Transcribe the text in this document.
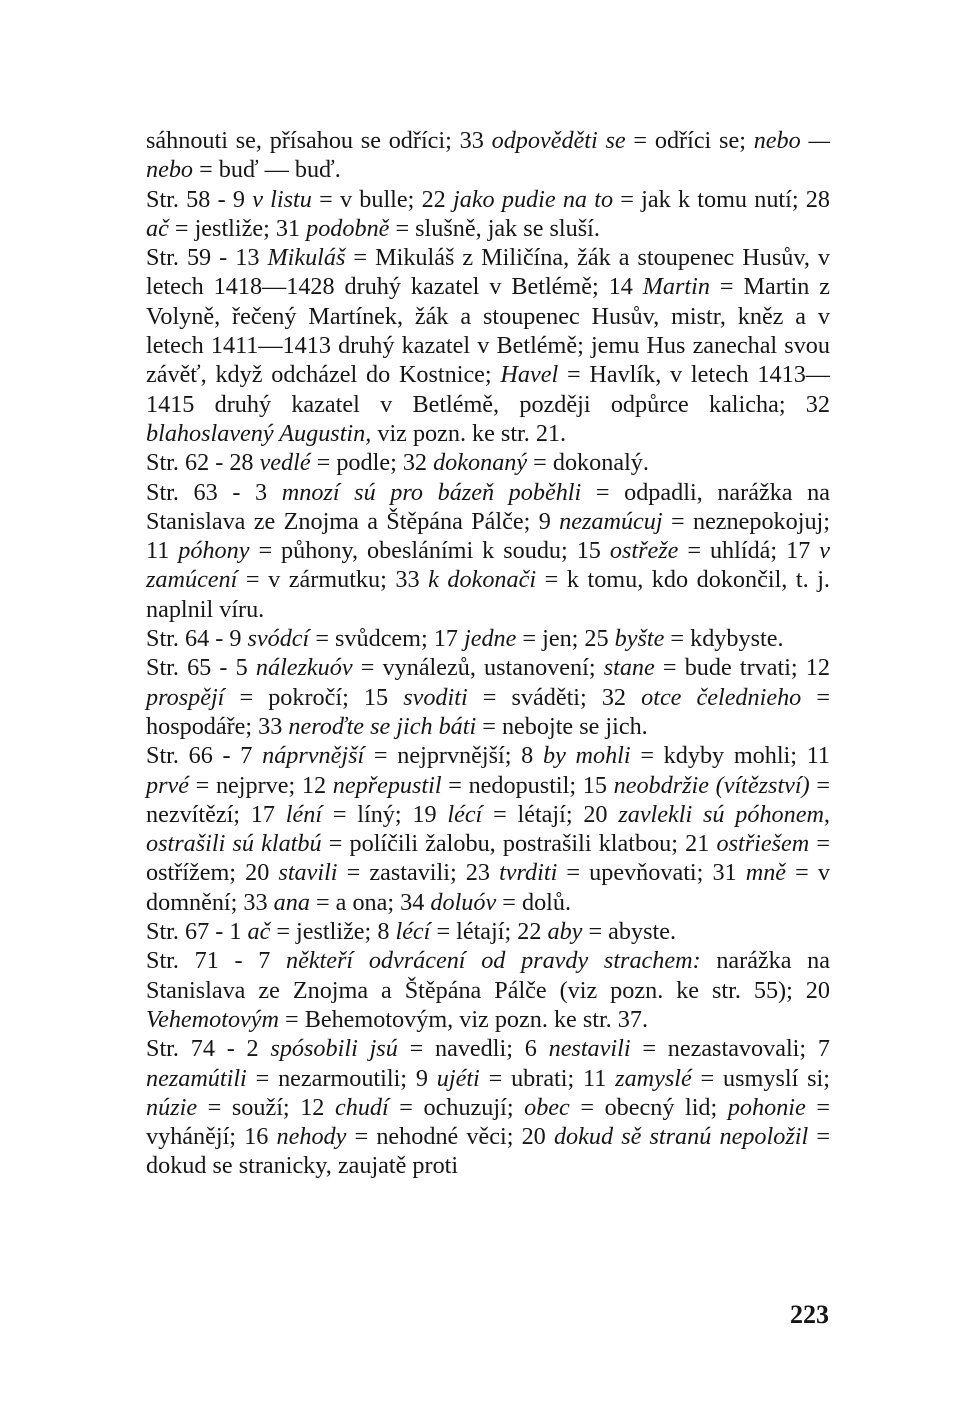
sáhnouti se, přísahou se odříci; 33 odpověděti se = odříci se; nebo — nebo = buď — buď.

Str. 58 - 9 v listu = v bulle; 22 jako pudie na to = jak k tomu nutí; 28 ač = jestliže; 31 podobně = slušně, jak se sluší.

Str. 59 - 13 Mikuláš = Mikuláš z Miličína, žák a stoupenec Husův, v letech 1418—1428 druhý kazatel v Betlémě; 14 Martin = Martin z Volyně, řečený Martínek, žák a stoupenec Husův, mistr, kněz a v letech 1411—1413 druhý kazatel v Betlémě; jemu Hus zanechal svou závěť, když odcházel do Kostnice; Havel = Havlík, v letech 1413—1415 druhý kazatel v Betlémě, později odpůrce kalicha; 32 blahoslavený Augustin, viz pozn. ke str. 21.

Str. 62 - 28 vedlé = podle; 32 dokonaný = dokonalý.

Str. 63 - 3 mnozí sú pro bázeň poběhli = odpadli, narážka na Stanislava ze Znojma a Štěpána Pálče; 9 nezamúcuj = neznepokojuj; 11 póhony = půhony, obesláními k soudu; 15 ostřeže = uhlídá; 17 v zamúcení = v zármutku; 33 k dokonači = k tomu, kdo dokončil, t. j. naplnil víru.

Str. 64 - 9 svódcí = svůdcem; 17 jedne = jen; 25 byšte = kdybyste.

Str. 65 - 5 nálezkuóv = vynálezů, ustanovení; stane = bude trvati; 12 prospějí = pokročí; 15 svoditi = sváděti; 32 otce čelednieho = hospodáře; 33 neroďte se jich báti = nebojte se jich.

Str. 66 - 7 náprvnější = nejprvnější; 8 by mohli = kdyby mohli; 11 prvé = nejprve; 12 nepřepustil = nedopustil; 15 neobdržie (vítězství) = nezvítězí; 17 léní = líný; 19 lécí = létají; 20 zavlekli sú póhonem, ostrašili sú klatbú = políčili žalobu, postrašili klatbou; 21 ostřiešem = ostřížem; 20 stavili = zastavili; 23 tvrditi = upevňovati; 31 mně = v domnění; 33 ana = a ona; 34 doluóv = dolů.

Str. 67 - 1 ač = jestliže; 8 lécí = létají; 22 aby = abyste.

Str. 71 - 7 někteří odvrácení od pravdy strachem: narážka na Stanislava ze Znojma a Štěpána Pálče (viz pozn. ke str. 55); 20 Vehemotovým = Behemotovým, viz pozn. ke str. 37.

Str. 74 - 2 spósobili jsú = navedli; 6 nestavili = nezastavovali; 7 nezamútili = nezarmoutili; 9 ujéti = ubrati; 11 zamyslé = usmyslí si; núzie = souží; 12 chudí = ochuzují; obec = obecný lid; pohonie = vyhánějí; 16 nehody = nehodné věci; 20 dokud sě stranú nepoložil = dokud se stranicky, zaujatě proti

223
